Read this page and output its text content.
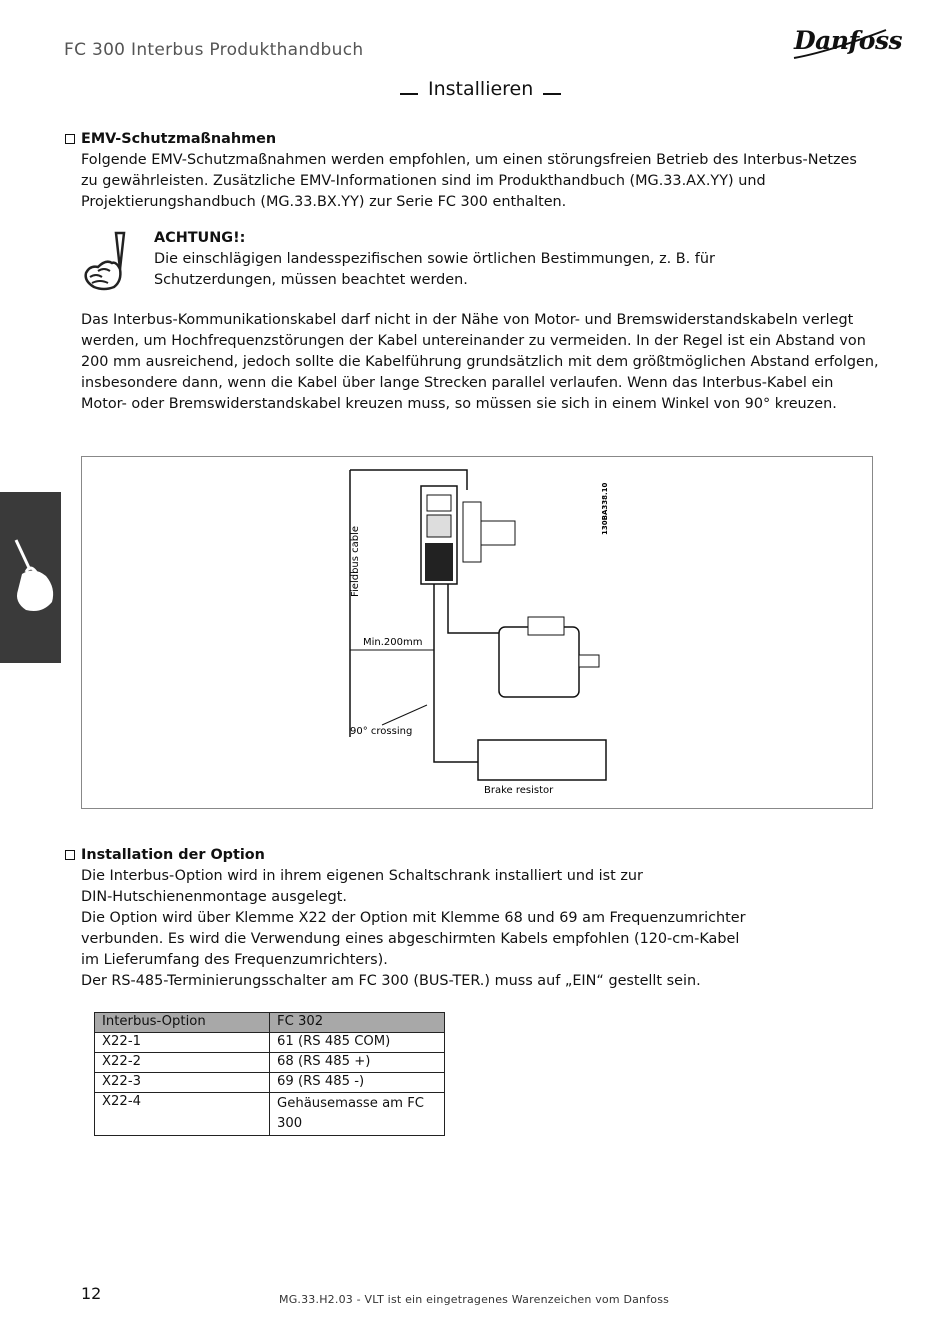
FC 300 Interbus Produkthandbuch	Danfoss
Installieren
EMV-Schutzmaßnahmen
Folgende EMV-Schutzmaßnahmen werden empfohlen, um einen störungsfreien Betrieb des Interbus-Netzes
zu gewährleisten. Zusätzliche EMV-Informationen sind im Produkthandbuch (MG.33.AX.YY) und
Projektierungshandbuch (MG.33.BX.YY) zur Serie FC 300 enthalten.
ACHTUNG!:
Die einschlägigen landesspezifischen sowie örtlichen Bestimmungen, z. B. für
Schutzerdungen, müssen beachtet werden.
Das Interbus-Kommunikationskabel darf nicht in der Nähe von Motor- und Bremswiderstandskabeln verlegt
werden, um Hochfrequenzstörungen der Kabel untereinander zu vermeiden. In der Regel ist ein Abstand von
200 mm ausreichend, jedoch sollte die Kabelführung grundsätzlich mit dem größtmöglichen Abstand erfolgen,
insbesondere dann, wenn die Kabel über lange Strecken parallel verlaufen. Wenn das Interbus-Kabel ein
Motor- oder Bremswiderstandskabel kreuzen muss, so müssen sie sich in einem Winkel von 90° kreuzen.
Fieldbus cable
Min.200mm
90° crossing
Brake resistor
130BA338.10
Installation der Option
Die Interbus-Option wird in ihrem eigenen Schaltschrank installiert und ist zur
DIN-Hutschienenmontage ausgelegt.
Die Option wird über Klemme X22 der Option mit Klemme 68 und 69 am Frequenzumrichter
verbunden. Es wird die Verwendung eines abgeschirmten Kabels empfohlen (120-cm-Kabel
im Lieferumfang des Frequenzumrichters).
Der RS-485-Terminierungsschalter am FC 300 (BUS-TER.) muss auf „EIN“ gestellt sein.
Interbus-Option	FC 302
X22-1	61 (RS 485 COM)
X22-2	68 (RS 485 +)
X22-3	69 (RS 485 -)
X22-4	Gehäusemasse am FC 300
12	MG.33.H2.03 - VLT ist ein eingetragenes Warenzeichen vom Danfoss
